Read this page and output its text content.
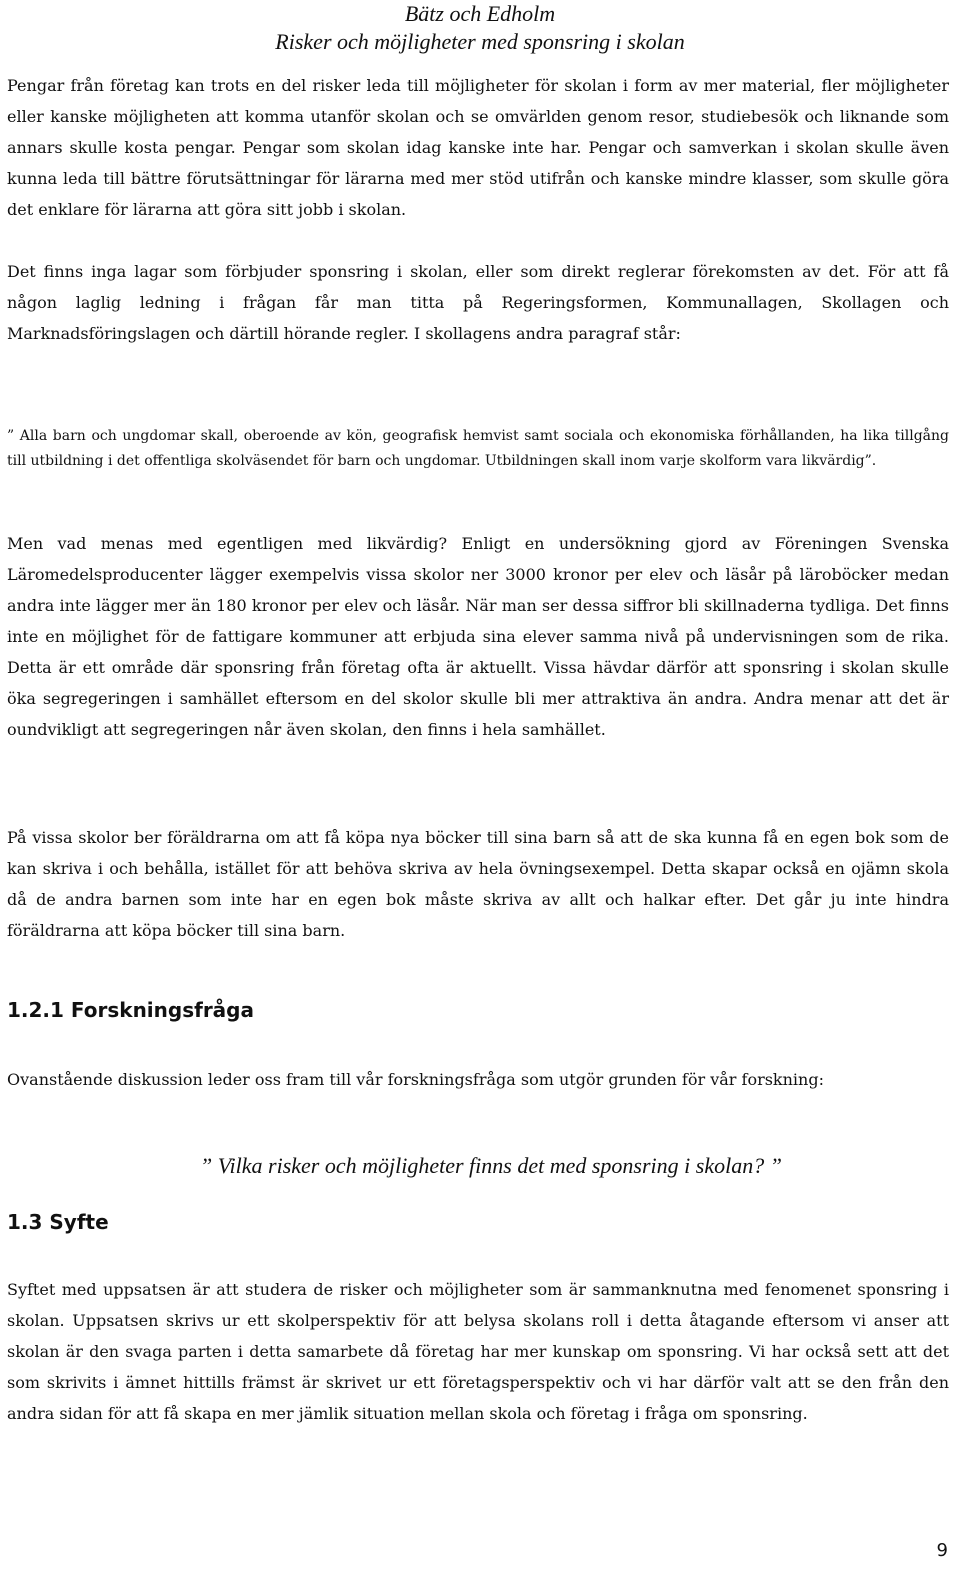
Bätz och Edholm
Risker och möjligheter med sponsring i skolan

Pengar från företag kan trots en del risker leda till möjligheter för skolan i form av mer material, fler möjligheter eller kanske möjligheten att komma utanför skolan och se omvärlden genom resor, studiebesök och liknande som annars skulle kosta pengar. Pengar som skolan idag kanske inte har. Pengar och samverkan i skolan skulle även kunna leda till bättre förutsättningar för lärarna med mer stöd utifrån och kanske mindre klasser, som skulle göra det enklare för lärarna att göra sitt jobb i skolan.

Det finns inga lagar som förbjuder sponsring i skolan, eller som direkt reglerar förekomsten av det. För att få någon laglig ledning i frågan får man titta på Regeringsformen, Kommunallagen, Skollagen och Marknadsföringslagen och därtill hörande regler. I skollagens andra paragraf står:

” Alla barn och ungdomar skall, oberoende av kön, geografisk hemvist samt sociala och ekonomiska förhållanden, ha lika tillgång till utbildning i det offentliga skolväsendet för barn och ungdomar. Utbildningen skall inom varje skolform vara likvärdig”.

Men vad menas med egentligen med likvärdig? Enligt en undersökning gjord av Föreningen Svenska Läromedelsproducenter lägger exempelvis vissa skolor ner 3000 kronor per elev och läsår på läroböcker medan andra inte lägger mer än 180 kronor per elev och läsår. När man ser dessa siffror bli skillnaderna tydliga. Det finns inte en möjlighet för de fattigare kommuner att erbjuda sina elever samma nivå på undervisningen som de rika. Detta är ett område där sponsring från företag ofta är aktuellt. Vissa hävdar därför att sponsring i skolan skulle öka segregeringen i samhället eftersom en del skolor skulle bli mer attraktiva än andra. Andra menar att det är oundvikligt att segregeringen når även skolan, den finns i hela samhället.

På vissa skolor ber föräldrarna om att få köpa nya böcker till sina barn så att de ska kunna få en egen bok som de kan skriva i och behålla, istället för att behöva skriva av hela övningsexempel. Detta skapar också en ojämn skola då de andra barnen som inte har en egen bok måste skriva av allt och halkar efter. Det går ju inte hindra föräldrarna att köpa böcker till sina barn.

1.2.1 Forskningsfråga

Ovanstående diskussion leder oss fram till vår forskningsfråga som utgör grunden för vår forskning:

” Vilka risker och möjligheter finns det med sponsring i skolan? ”

1.3 Syfte

Syftet med uppsatsen är att studera de risker och möjligheter som är sammanknutna med fenomenet sponsring i skolan. Uppsatsen skrivs ur ett skolperspektiv för att belysa skolans roll i detta åtagande eftersom vi anser att skolan är den svaga parten i detta samarbete då företag har mer kunskap om sponsring. Vi har också sett att det som skrivits i ämnet hittills främst är skrivet ur ett företagsperspektiv och vi har därför valt att se den från den andra sidan för att få skapa en mer jämlik situation mellan skola och företag i fråga om sponsring.

9
